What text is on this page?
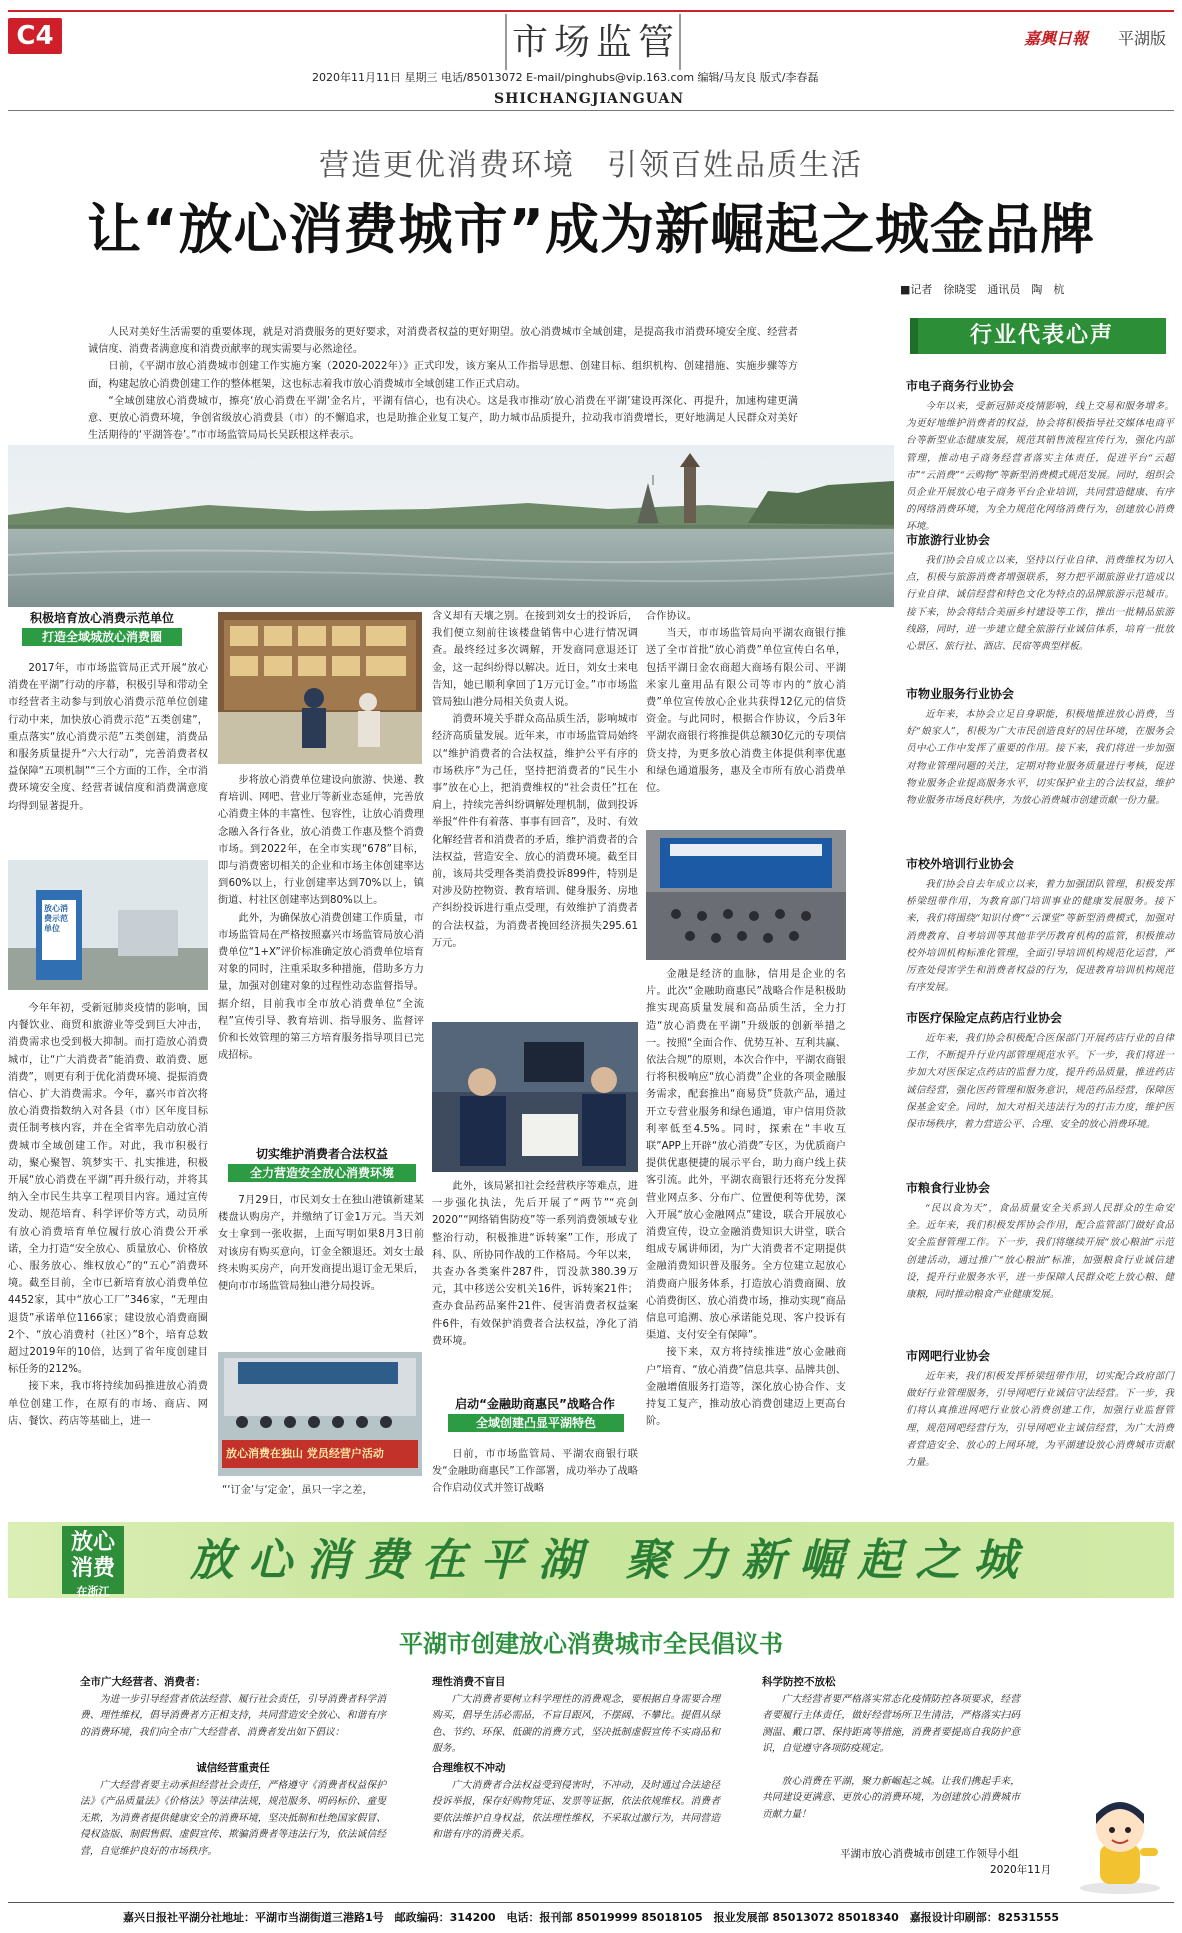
C4	市场监管
2020年11月11日 星期三 电话/85013072 E-mail/pinghubs@vip.163.com 编辑/马友良 版式/李春磊
SHICHANGJIANGUAN
嘉興日報 平湖版
营造更优消费环境　引领百姓品质生活
让“放心消费城市”成为新崛起之城金品牌
■记者　徐晓雯　通讯员　陶　杭

人民对美好生活需要的重要体现，就是对消费服务的更好要求，对消费者权益的更好期望。放心消费城市全域创建，是提高我市消费环境安全度、经营者诚信度、消费者满意度和消费贡献率的现实需要与必然途径。

日前，《平湖市放心消费城市创建工作实施方案（2020-2022年）》正式印发，该方案从工作指导思想、创建目标、组织机构、创建措施、实施步骤等方面，构建起放心消费创建工作的整体框架，这也标志着我市放心消费城市全域创建工作正式启动。

“全域创建放心消费城市，擦亮‘放心消费在平湖’金名片，平湖有信心，也有决心。这是我市推动‘放心消费在平湖’建设再深化、再提升，加速构建更满意、更放心消费环境，争创省级放心消费县（市）的不懈追求，也是助推企业复工复产，助力城市品质提升，拉动我市消费增长，更好地满足人民群众对美好生活期待的‘平湖答卷’。”市市场监管局局长吴跃根这样表示。

行业代表心声
市电子商务行业协会
今年以来，受新冠肺炎疫情影响，线上交易和服务增多。为更好地维护消费者的权益，协会将积极指导社交媒体电商平台等新型业态健康发展，规范其销售流程宣传行为，强化内部管理，推动电子商务经营者落实主体责任，促进平台“云超市”“云消费”“云购物”等新型消费模式规范发展。同时，组织会员企业开展放心电子商务平台企业培训，共同营造健康、有序的网络消费环境，为全力规范化网络消费行为，创建放心消费环境。
市旅游行业协会
我们协会自成立以来，坚持以行业自律、消费维权为切入点，积极与旅游消费者增强联系，努力把平湖旅游业打造成以行业自律、诚信经营和特色文化为特点的品牌旅游示范城市。接下来，协会将结合美丽乡村建设等工作，推出一批精品旅游线路，同时，进一步建立健全旅游行业诚信体系，培育一批放心景区、旅行社、酒店、民宿等典型样板。
市物业服务行业协会
近年来，本协会立足自身职能，积极地推进放心消费，当好“娘家人”，积极为广大市民创造良好的居住环境，在服务会员中心工作中发挥了重要的作用。接下来，我们将进一步加强对物业管理问题的关注，定期对物业服务质量进行考核，促进物业服务企业提高服务水平，切实保护业主的合法权益，维护物业服务市场良好秩序，为放心消费城市创建贡献一份力量。
市校外培训行业协会
我们协会自去年成立以来，着力加强团队管理，积极发挥桥梁纽带作用，为教育部门培训事业的健康发展服务。接下来，我们将围绕“知识付费”“云课堂”等新型消费模式，加强对消费教育、自考培训等其他非学历教育机构的监管，积极推动校外培训机构标准化管理，全面引导培训机构规范化运营，严厉查处侵害学生和消费者权益的行为，促进教育培训机构规范有序发展。
市医疗保险定点药店行业协会
近年来，我们协会积极配合医保部门开展药店行业的自律工作，不断提升行业内部管理规范水平。下一步，我们将进一步加大对医保定点药店的监督力度，提升药品质量，推进药店诚信经营，强化医药管理和服务意识，规范药品经营，保障医保基金安全。同时，加大对相关违法行为的打击力度，维护医保市场秩序，着力营造公平、合理、安全的放心消费环境。
市粮食行业协会
“民以食为天”，食品质量安全关系到人民群众的生命安全。近年来，我们积极发挥协会作用，配合监管部门做好食品安全监督管理工作。下一步，我们将继续开展“放心粮油”示范创建活动，通过推广“放心粮油”标准，加强粮食行业诚信建设，提升行业服务水平，进一步保障人民群众吃上放心粮、健康粮，同时推动粮食产业健康发展。
市网吧行业协会
近年来，我们积极发挥桥梁纽带作用，切实配合政府部门做好行业管理服务，引导网吧行业诚信守法经营。下一步，我们将认真推进网吧行业放心消费创建工作，加强行业监督管理，规范网吧经营行为，引导网吧业主诚信经营，为广大消费者营造安全、放心的上网环境，为平湖建设放心消费城市贡献力量。
积极培育放心消费示范单位
打造全域城放心消费圈

2017年，市市场监管局正式开展“放心消费在平湖”行动的序幕，积极引导和带动全市经营者主动参与到放心消费示范单位创建行动中来，加快放心消费示范“五类创建”，重点落实“放心消费示范”五类创建，消费品和服务质量提升“六大行动”，完善消费者权益保障“五项机制”“三个方面的工作，全市消费环境安全度、经营者诚信度和消费满意度均得到显著提升。

放心消费示范单位

今年年初，受新冠肺炎疫情的影响，国内餐饮业、商贸和旅游业等受到巨大冲击，消费需求也受到极大抑制。而打造放心消费城市，让“广大消费者”能消费、敢消费、愿消费”，则更有利于优化消费环境、提振消费信心、扩大消费需求。今年，嘉兴市首次将放心消费指数纳入对各县（市）区年度目标责任制考核内容，并在全省率先启动放心消费城市全域创建工作。对此，我市积极行动，聚心聚智、筑梦实干、扎实推进，积极开展“放心消费在平湖”再升级行动，并将其纳入全市民生共享工程项目内容。通过宣传发动、规范培育、科学评价等方式，动员所有放心消费培育单位履行放心消费公开承诺，全力打造“安全放心、质量放心、价格放心、服务放心、维权放心”的“五心”消费环境。截至目前，全市已新培育放心消费单位4452家，其中“放心工厂”346家，“无理由退货”承诺单位1166家；建设放心消费商圈2个、“放心消费村（社区）”8个，培育总数超过2019年的10倍，达到了省年度创建目标任务的212%。

接下来，我市将持续加码推进放心消费单位创建工作，在原有的市场、商店、网店、餐饮、药店等基础上，进一

步将放心消费单位建设向旅游、快递、教育培训、网吧、营业厅等新业态延伸，完善放心消费主体的丰富性、包容性，让放心消费理念融入各行各业，放心消费工作惠及整个消费市场。到2022年，在全市实现“678”目标，即与消费密切相关的企业和市场主体创建率达到60%以上，行业创建率达到70%以上，镇街道、村社区创建率达到80%以上。

此外，为确保放心消费创建工作质量，市市场监管局在严格按照嘉兴市场监管局放心消费单位“1+X”评价标准确定放心消费单位培育对象的同时，注重采取多种措施，借助多方力量，加强对创建对象的过程性动态监督指导。据介绍，目前我市全市放心消费单位“全流程”宣传引导、教育培训、指导服务、监督评价和长效管理的第三方培育服务指导项目已完成招标。

切实维护消费者合法权益
全力营造安全放心消费环境

7月29日，市民刘女士在独山港镇新建某楼盘认购房产，并缴纳了订金1万元。当天刘女士拿到一张收据，上面写明如果8月3日前对该房有购买意向，订金全额退还。刘女士最终未购买房产，向开发商提出退订金无果后，便向市市场监管局独山港分局投诉。

放心消费在独山 党员经营户活动
“‘订金’与‘定金’，虽只一字之差，

含义却有天壤之别。在接到刘女士的投诉后，我们便立刻前往该楼盘销售中心进行情况调查。最终经过多次调解，开发商同意退还订金，这一起纠纷得以解决。近日，刘女士来电告知，她已顺利拿回了1万元订金。”市市场监管局独山港分局相关负责人说。

消费环境关乎群众高品质生活，影响城市经济高质量发展。近年来，市市场监管局始终以“维护消费者的合法权益，维护公平有序的市场秩序”为己任，坚持把消费者的“民生小事”放在心上，把消费维权的“社会责任”扛在肩上，持续完善纠纷调解处理机制，做到投诉举报“件件有着落、事事有回音”，及时、有效化解经营者和消费者的矛盾，维护消费者的合法权益，营造安全、放心的消费环境。截至目前，该局共受理各类消费投诉899件，特别是对涉及防控物资、教育培训、健身服务、房地产纠纷投诉进行重点受理，有效维护了消费者的合法权益，为消费者挽回经济损失295.61万元。

此外，该局紧扣社会经营秩序等难点，进一步强化执法，先后开展了“两节”“亮剑2020”“网络销售防疫”等一系列消费领域专业整治行动，积极推进“诉转案”工作，形成了科、队、所协同作战的工作格局。今年以来，共查办各类案件287件，罚没款380.39万元，其中移送公安机关16件，诉转案21件；查办食品药品案件21件、侵害消费者权益案件6件，有效保护消费者合法权益，净化了消费环境。

启动“金融助商惠民”战略合作
全域创建凸显平湖特色

日前，市市场监管局、平湖农商银行联发“金融助商惠民”工作部署，成功举办了战略合作启动仪式并签订战略

合作协议。

当天，市市场监管局向平湖农商银行推送了全市首批“放心消费”单位宣传白名单，包括平湖日金农商超大商场有限公司、平湖米家儿童用品有限公司等市内的“放心消费”单位宣传放心企业共获得12亿元的信贷资金。与此同时，根据合作协议，今后3年平湖农商银行将推提供总额30亿元的专项信贷支持，为更多放心消费主体提供利率优惠和绿色通道服务，惠及全市所有放心消费单位。

金融是经济的血脉，信用是企业的名片。此次“金融助商惠民”战略合作是积极助推实现高质量发展和高品质生活，全力打造“放心消费在平湖”升级版的创新举措之一。按照“全面合作、优势互补、互利共赢、依法合规”的原则，本次合作中，平湖农商银行将积极响应“放心消费”企业的各项金融服务需求，配套推出“商易贷”贷款产品，通过开立专营业服务和绿色通道，审户信用贷款利率低至4.5%。同时，探索在“丰收互联”APP上开辟“放心消费”专区，为优质商户提供优惠便捷的展示平台，助力商户线上获客引流。此外，平湖农商银行还将充分发挥营业网点多、分布广、位置便利等优势，深入开展“放心金融网点”建设，联合开展放心消费宣传，设立金融消费知识大讲堂，联合组成专属讲师团，为广大消费者不定期提供金融消费知识普及服务。全方位建立起放心消费商户服务体系，打造放心消费商圈、放心消费街区、放心消费市场，推动实现“商品信息可追溯、放心承诺能兑现、客户投诉有渠道、支付安全有保障”。

接下来，双方将持续推进“放心金融商户”培育、“放心消费”信息共享、品牌共创、金融增值服务打造等，深化放心协合作、支持复工复产，推动放心消费创建迈上更高台阶。

放心
消费
在浙江
放心消费在平湖 聚力新崛起之城
平湖市创建放心消费城市全民倡议书
全市广大经营者、消费者：
为进一步引导经营者依法经营、履行社会责任，引导消费者科学消费、理性维权，倡导消费者方正相支持，共同营造安全放心、和谐有序的消费环境，我们向全市广大经营者、消费者发出如下倡议：
诚信经营重责任
广大经营者要主动承担经营社会责任，严格遵守《消费者权益保护法》《产品质量法》《价格法》等法律法规，规范服务、明码标价、童叟无欺，为消费者提供健康安全的消费环境，坚决抵制和杜绝国家假冒、侵权盗版、制假售假、虚假宣传、欺骗消费者等违法行为，依法诚信经营，自觉维护良好的市场秩序。
理性消费不盲目
广大消费者要树立科学理性的消费观念，要根据自身需要合理购买，倡导生活必需品，不盲目跟风，不摆阔、不攀比。提倡从绿色、节约、环保、低碳的消费方式，坚决抵制虚假宣传不实商品和服务。
合理维权不冲动
广大消费者合法权益受到侵害时，不冲动，及时通过合法途径投诉举报，保存好购物凭证、发票等证据，依法依规维权。消费者要依法维护自身权益，依法理性维权，不采取过激行为，共同营造和谐有序的消费关系。
科学防控不放松
广大经营者要严格落实常态化疫情防控各项要求，经营者要履行主体责任，做好经营场所卫生清洁，严格落实扫码测温、戴口罩、保持距离等措施，消费者要提高自我防护意识，自觉遵守各项防疫规定。
放心消费在平湖，聚力新崛起之城。让我们携起手来，共同建设更满意、更放心的消费环境，为创建放心消费城市贡献力量！
平湖市放心消费城市创建工作领导小组
2020年11月
嘉兴日报社平湖分社地址：平湖市当湖街道三港路1号　邮政编码：314200　电话：报刊部 85019999 85018105　报业发展部 85013072 85018340　嘉报设计印刷部：82531555
